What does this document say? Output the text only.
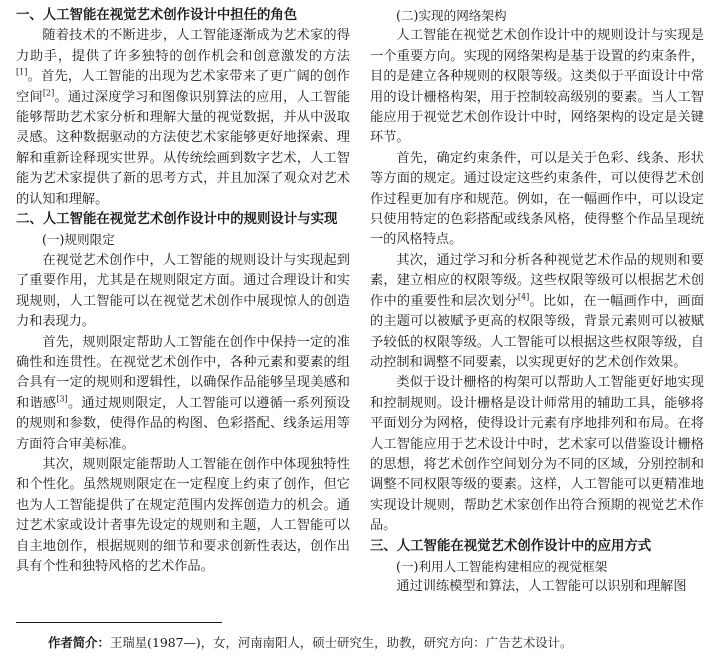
一、人工智能在视觉艺术创作设计中担任的角色

随着技术的不断进步，人工智能逐渐成为艺术家的得力助手，提供了许多独特的创作机会和创意激发的方法[1]。首先，人工智能的出现为艺术家带来了更广阔的创作空间[2]。通过深度学习和图像识别算法的应用，人工智能能够帮助艺术家分析和理解大量的视觉数据，并从中汲取灵感。这种数据驱动的方法使艺术家能够更好地探索、理解和重新诠释现实世界。从传统绘画到数字艺术，人工智能为艺术家提供了新的思考方式，并且加深了观众对艺术的认知和理解。

二、人工智能在视觉艺术创作设计中的规则设计与实现

(一)规则限定

在视觉艺术创作中，人工智能的规则设计与实现起到了重要作用，尤其是在规则限定方面。通过合理设计和实现规则，人工智能可以在视觉艺术创作中展现惊人的创造力和表现力。

首先，规则限定帮助人工智能在创作中保持一定的准确性和连贯性。在视觉艺术创作中，各种元素和要素的组合具有一定的规则和逻辑性，以确保作品能够呈现美感和和谐感[3]。通过规则限定，人工智能可以遵循一系列预设的规则和参数，使得作品的构图、色彩搭配、线条运用等方面符合审美标准。

其次，规则限定能帮助人工智能在创作中体现独特性和个性化。虽然规则限定在一定程度上约束了创作，但它也为人工智能提供了在规定范围内发挥创造力的机会。通过艺术家或设计者事先设定的规则和主题，人工智能可以自主地创作，根据规则的细节和要求创新性表达，创作出具有个性和独特风格的艺术作品。

(二)实现的网络架构

人工智能在视觉艺术创作设计中的规则设计与实现是一个重要方向。实现的网络架构是基于设置的约束条件，目的是建立各种规则的权限等级。这类似于平面设计中常用的设计栅格构架，用于控制较高级别的要素。当人工智能应用于视觉艺术创作设计中时，网络架构的设定是关键环节。

首先，确定约束条件，可以是关于色彩、线条、形状等方面的规定。通过设定这些约束条件，可以使得艺术创作过程更加有序和规范。例如，在一幅画作中，可以设定只使用特定的色彩搭配或线条风格，使得整个作品呈现统一的风格特点。

其次，通过学习和分析各种视觉艺术作品的规则和要素，建立相应的权限等级。这些权限等级可以根据艺术创作中的重要性和层次划分[4]。比如，在一幅画作中，画面的主题可以被赋予更高的权限等级，背景元素则可以被赋予较低的权限等级。人工智能可以根据这些权限等级，自动控制和调整不同要素，以实现更好的艺术创作效果。

类似于设计栅格的构架可以帮助人工智能更好地实现和控制规则。设计栅格是设计师常用的辅助工具，能够将平面划分为网格，使得设计元素有序地排列和布局。在将人工智能应用于艺术设计中时，艺术家可以借鉴设计栅格的思想，将艺术创作空间划分为不同的区域，分别控制和调整不同权限等级的要素。这样，人工智能可以更精准地实现设计规则，帮助艺术家创作出符合预期的视觉艺术作品。

三、人工智能在视觉艺术创作设计中的应用方式

(一)利用人工智能构建相应的视觉框架

通过训练模型和算法，人工智能可以识别和理解图

作者简介：王瑞星(1987—)，女，河南南阳人，硕士研究生，助教，研究方向：广告艺术设计。
